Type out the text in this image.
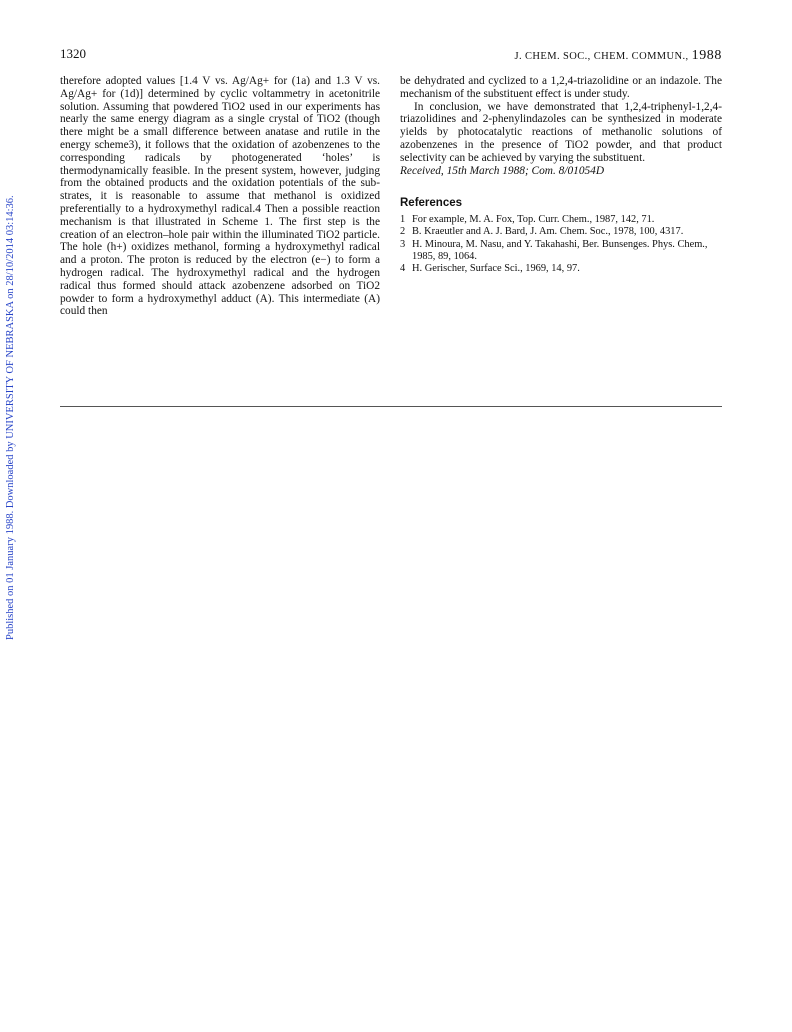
1320	J. CHEM. SOC., CHEM. COMMUN., 1988
Published on 01 January 1988. Downloaded by UNIVERSITY OF NEBRASKA on 28/10/2014 03:14:36.

therefore adopted values [1.4 V vs. Ag/Ag+ for (1a) and 1.3 V vs. Ag/Ag+ for (1d)] determined by cyclic voltammetry in acetonitrile solution. Assuming that powdered TiO2 used in our experiments has nearly the same energy diagram as a single crystal of TiO2 (though there might be a small difference between anatase and rutile in the energy scheme3), it follows that the oxidation of azobenzenes to the corresponding radicals by photogenerated ‘holes’ is thermodynamically feasible. In the present system, however, judging from the obtained products and the oxidation potentials of the sub-strates, it is reasonable to assume that methanol is oxidized preferentially to a hydroxymethyl radical.4 Then a possible reaction mechanism is that illustrated in Scheme 1. The first step is the creation of an electron–hole pair within the illuminated TiO2 particle. The hole (h+) oxidizes methanol, forming a hydroxymethyl radical and a proton. The proton is reduced by the electron (e−) to form a hydrogen radical. The hydroxymethyl radical and the hydrogen radical thus formed should attack azobenzene adsorbed on TiO2 powder to form a hydroxymethyl adduct (A). This intermediate (A) could then

be dehydrated and cyclized to a 1,2,4-triazolidine or an indazole. The mechanism of the substituent effect is under study.

In conclusion, we have demonstrated that 1,2,4-triphenyl-1,2,4-triazolidines and 2-phenylindazoles can be synthesized in moderate yields by photocatalytic reactions of methanolic solutions of azobenzenes in the presence of TiO2 powder, and that product selectivity can be achieved by varying the substituent.

Received, 15th March 1988; Com. 8/01054D

References
1 For example, M. A. Fox, Top. Curr. Chem., 1987, 142, 71.
2 B. Kraeutler and A. J. Bard, J. Am. Chem. Soc., 1978, 100, 4317.
3 H. Minoura, M. Nasu, and Y. Takahashi, Ber. Bunsenges. Phys. Chem., 1985, 89, 1064.
4 H. Gerischer, Surface Sci., 1969, 14, 97.
